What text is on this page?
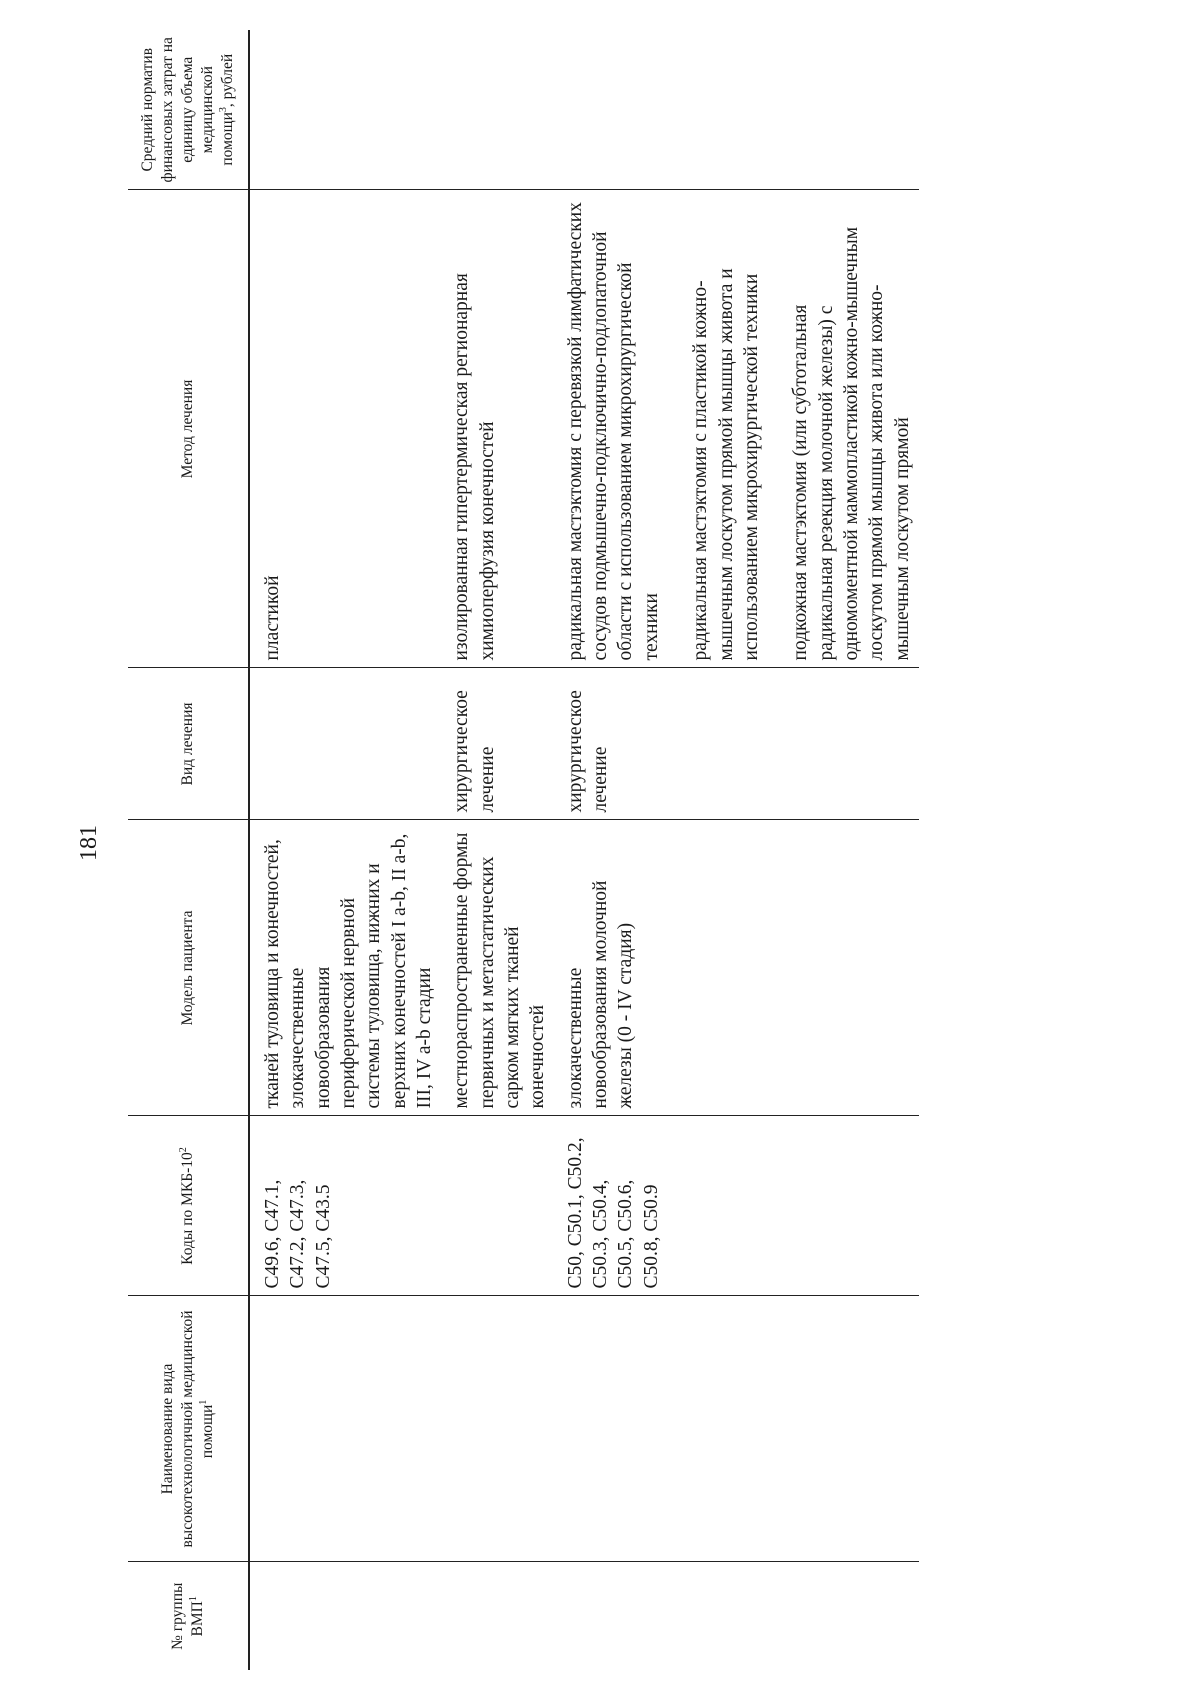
181
№ группы ВМП$^1$	Наименование вида высокотехнологичной медицинской помощи$^1$	Коды по МКБ-$10^2$	Модель пациента	Вид лечения	Метод лечения	Средний норматив финансовых затрат на единицу объема медицинской помощи$^3$, рублей
		C49.6, C47.1, C47.2, C47.3, C47.5, C43.5	тканей туловища и конечностей, злокачественные новообразования периферической нервной системы туловища, нижних и верхних конечностей I a-b, II a-b, III, IV a-b стадии		пластикой	

			местнораспространенные формы первичных и метастатических сарком мягких тканей конечностей	хирургическое лечение	изолированная гипертермическая регионарная химиоперфузия конечностей	

		C50, C50.1, C50.2, C50.3, C50.4, C50.5, C50.6, C50.8, C50.9	злокачественные новообразования молочной железы (0 - IV стадия)	хирургическое лечение	радикальная мастэктомия с перевязкой лимфатических сосудов подмышечно-подключично-подлопаточной области с использованием микрохирургической техники радикальная мастэктомия с пластикой кожно-мышечным лоскутом прямой мышцы живота и использованием микрохирургической техники подкожная мастэктомия (или субтотальная радикальная резекция молочной железы) с одномоментной маммопластикой кожно-мышечным лоскутом прямой мышцы живота или кожно-мышечным лоскутом прямой	
